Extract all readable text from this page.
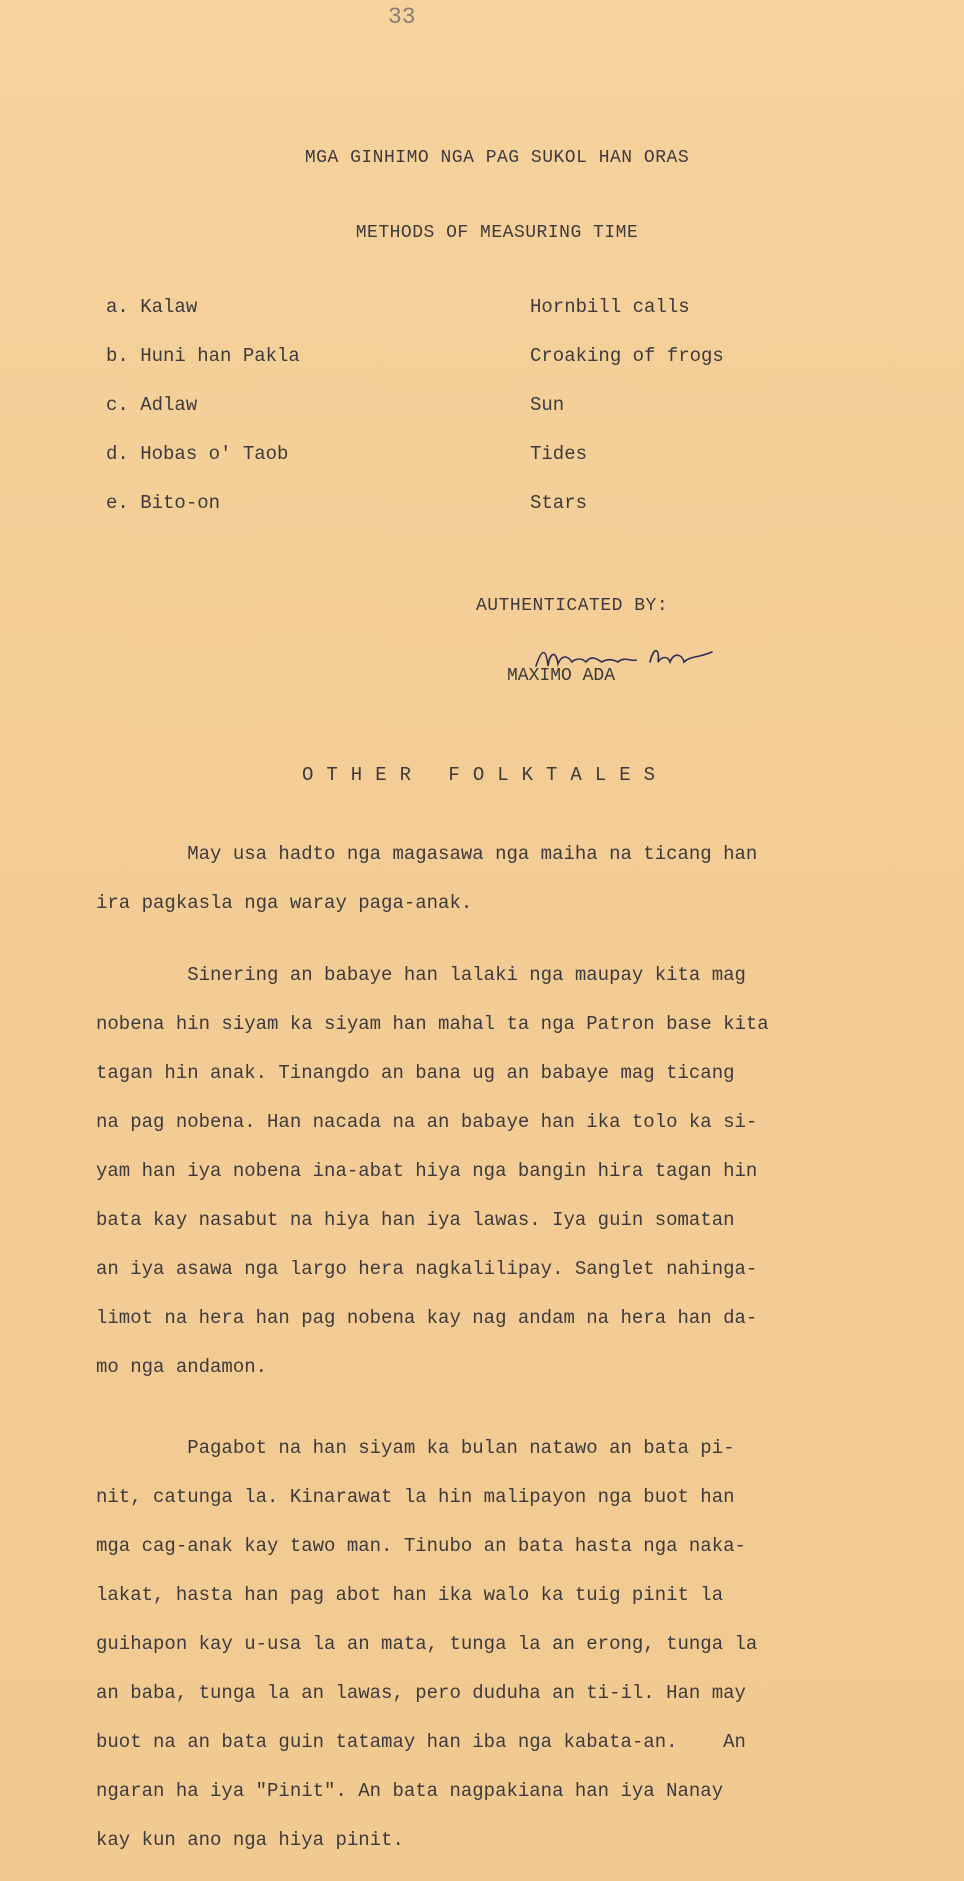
33
MGA GINHIMO NGA PAG SUKOL HAN ORAS
METHODS OF MEASURING TIME
a. Kalaw	Hornbill calls
b. Huni han Pakla	Croaking of frogs
c. Adlaw	Sun
d. Hobas o' Taob	Tides
e. Bito-on	Stars
AUTHENTICATED BY:
MAXIMO ADA
OTHER FOLKTALES
May usa hadto nga magasawa nga maiha na ticang han
ira pagkasla nga waray paga-anak.
Sinering an babaye han lalaki nga maupay kita mag
nobena hin siyam ka siyam han mahal ta nga Patron base kita
tagan hin anak. Tinangdo an bana ug an babaye mag ticang
na pag nobena. Han nacada na an babaye han ika tolo ka si-
yam han iya nobena ina-abat hiya nga bangin hira tagan hin
bata kay nasabut na hiya han iya lawas. Iya guin somatan
an iya asawa nga largo hera nagkalilipay. Sanglet nahinga-
limot na hera han pag nobena kay nag andam na hera han da-
mo nga andamon.
Pagabot na han siyam ka bulan natawo an bata pi-
nit, catunga la. Kinarawat la hin malipayon nga buot han
mga cag-anak kay tawo man. Tinubo an bata hasta nga naka-
lakat, hasta han pag abot han ika walo ka tuig pinit la
guihapon kay u-usa la an mata, tunga la an erong, tunga la
an baba, tunga la an lawas, pero duduha an ti-il. Han may
buot na an bata guin tatamay han iba nga kabata-an.    An
ngaran ha iya "Pinit". An bata nagpakiana han iya Nanay
kay kun ano nga hiya pinit.
